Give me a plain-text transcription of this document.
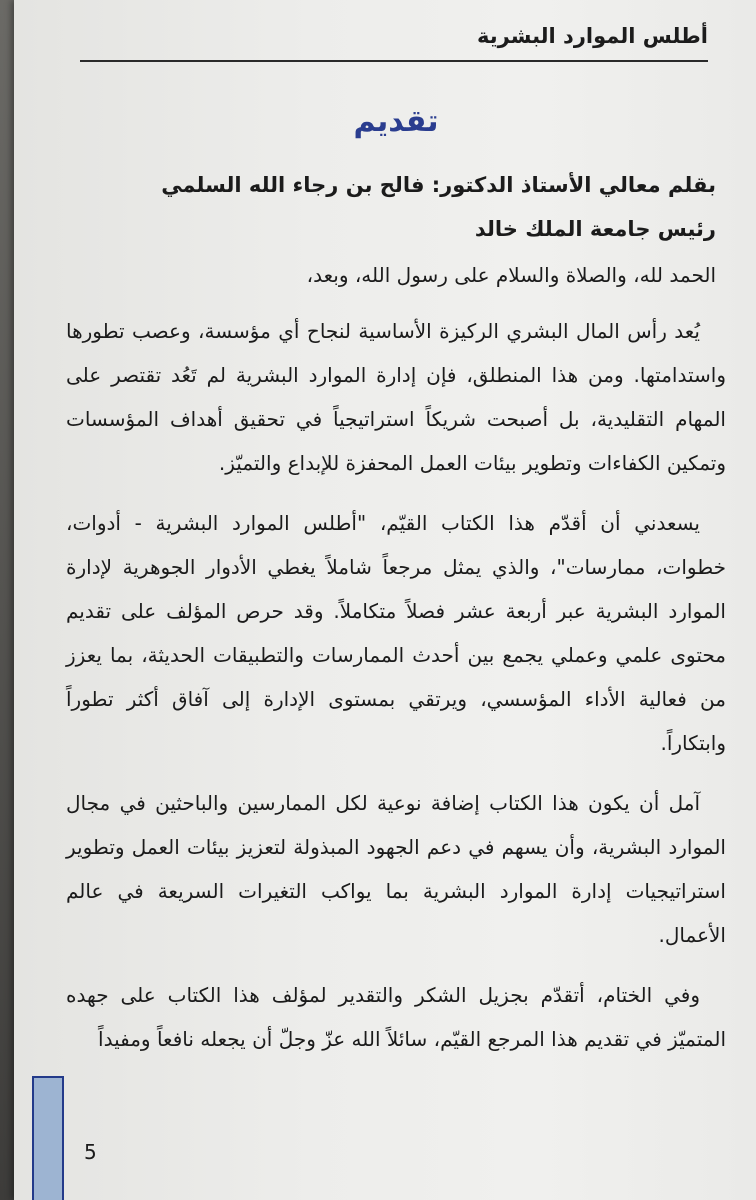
أطلس الموارد البشرية
تقديم
بقلم معالي الأستاذ الدكتور: فالح بن رجاء الله السلمي
رئيس جامعة الملك خالد
الحمد لله، والصلاة والسلام على رسول الله، وبعد،

يُعد رأس المال البشري الركيزة الأساسية لنجاح أي مؤسسة، وعصب تطورها واستدامتها. ومن هذا المنطلق، فإن إدارة الموارد البشرية لم تَعُد تقتصر على المهام التقليدية، بل أصبحت شريكاً استراتيجياً في تحقيق أهداف المؤسسات وتمكين الكفاءات وتطوير بيئات العمل المحفزة للإبداع والتميّز.

يسعدني أن أقدّم هذا الكتاب القيّم، "أطلس الموارد البشرية - أدوات، خطوات، ممارسات"، والذي يمثل مرجعاً شاملاً يغطي الأدوار الجوهرية لإدارة الموارد البشرية عبر أربعة عشر فصلاً متكاملاً. وقد حرص المؤلف على تقديم محتوى علمي وعملي يجمع بين أحدث الممارسات والتطبيقات الحديثة، بما يعزز من فعالية الأداء المؤسسي، ويرتقي بمستوى الإدارة إلى آفاق أكثر تطوراً وابتكاراً.

آمل أن يكون هذا الكتاب إضافة نوعية لكل الممارسين والباحثين في مجال الموارد البشرية، وأن يسهم في دعم الجهود المبذولة لتعزيز بيئات العمل وتطوير استراتيجيات إدارة الموارد البشرية بما يواكب التغيرات السريعة في عالم الأعمال.

وفي الختام، أتقدّم بجزيل الشكر والتقدير لمؤلف هذا الكتاب على جهده المتميّز في تقديم هذا المرجع القيّم، سائلاً الله عزّ وجلّ أن يجعله نافعاً ومفيداً

5
